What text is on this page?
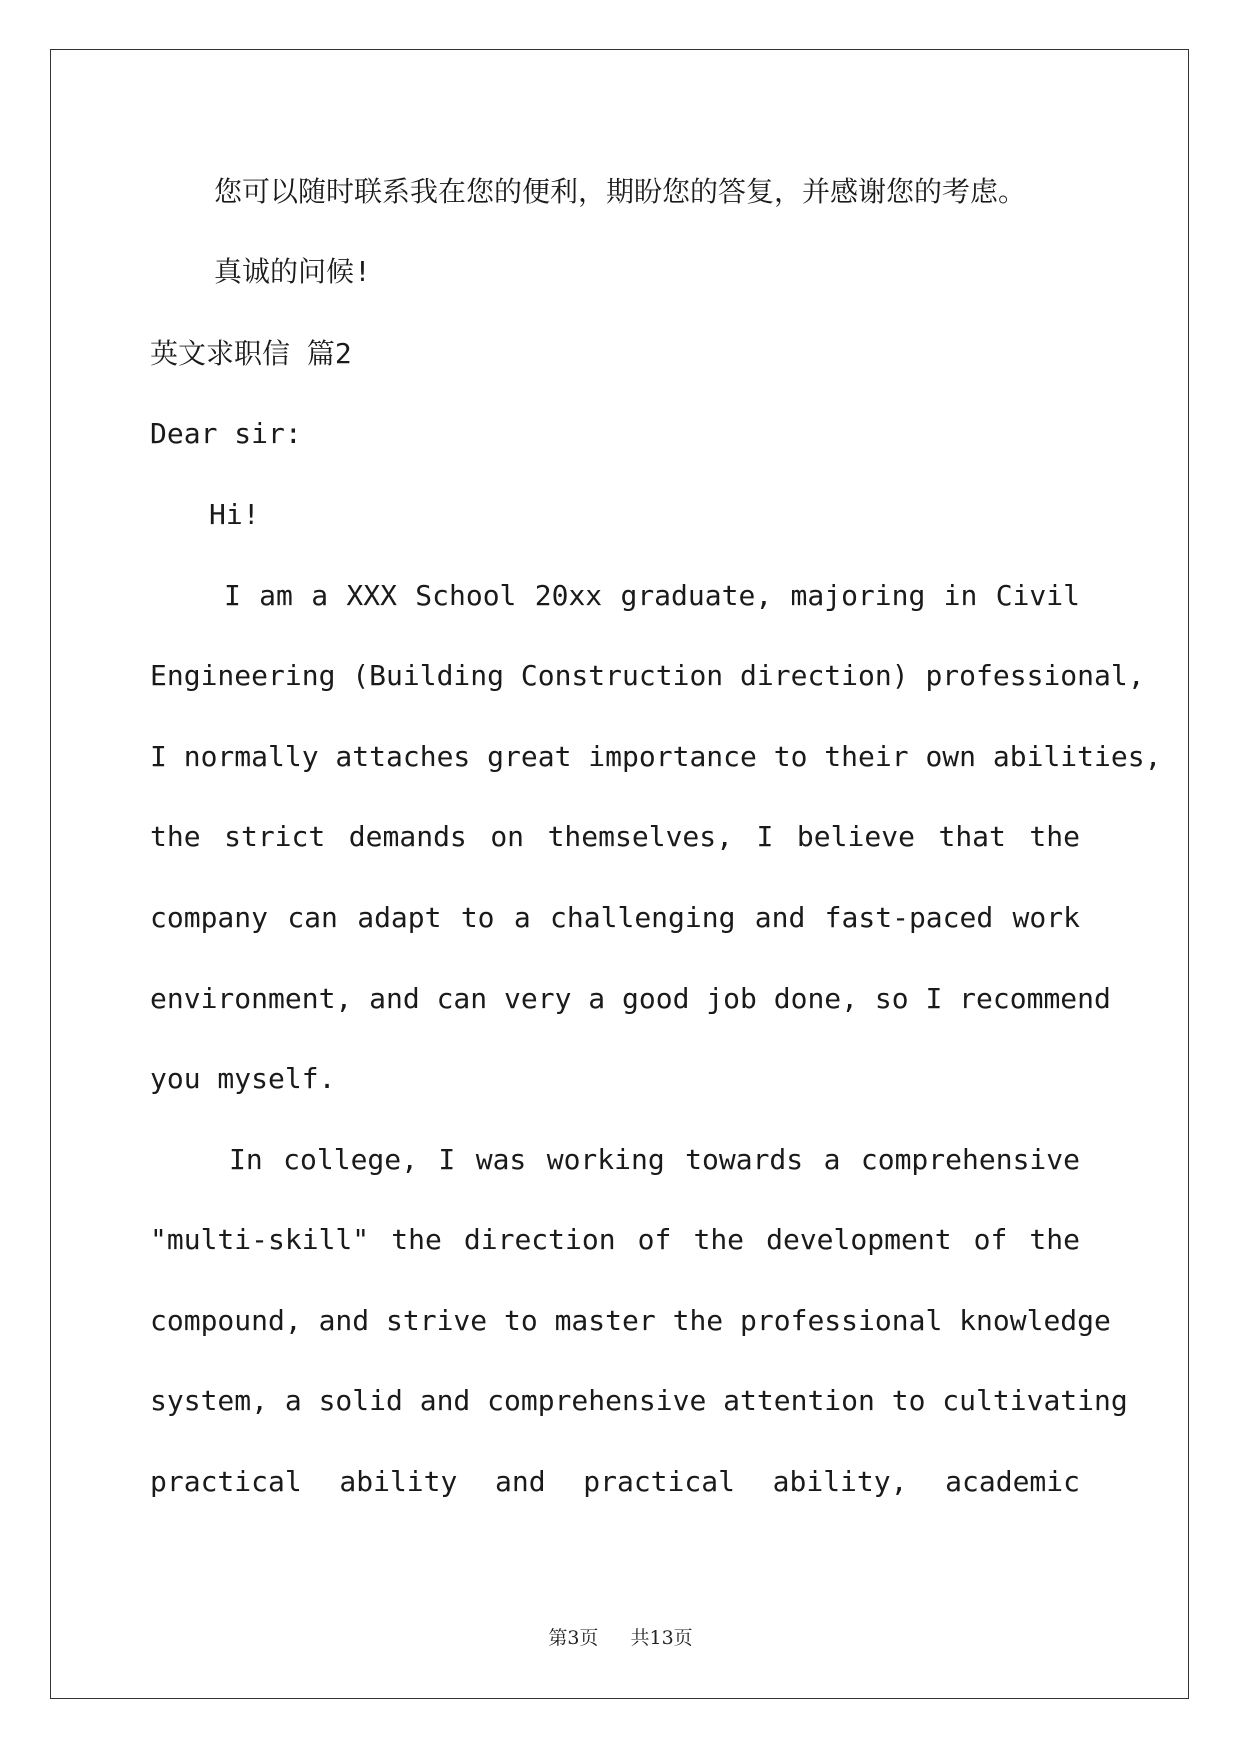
您可以随时联系我在您的便利，期盼您的答复，并感谢您的考虑。
真诚的问候!
英文求职信 篇2
Dear sir:
Hi!
I am a XXX School 20xx graduate, majoring in Civil
Engineering (Building Construction direction) professional,
I normally attaches great importance to their own abilities,
the strict demands on themselves, I believe that the
company can adapt to a challenging and fast-paced work
environment, and can very a good job done, so I recommend
you myself.
In college, I was working towards a comprehensive
"multi-skill" the direction of the development of the
compound, and strive to master the professional knowledge
system, a solid and comprehensive attention to cultivating
practical ability and practical ability, academic
第3页 共13页
